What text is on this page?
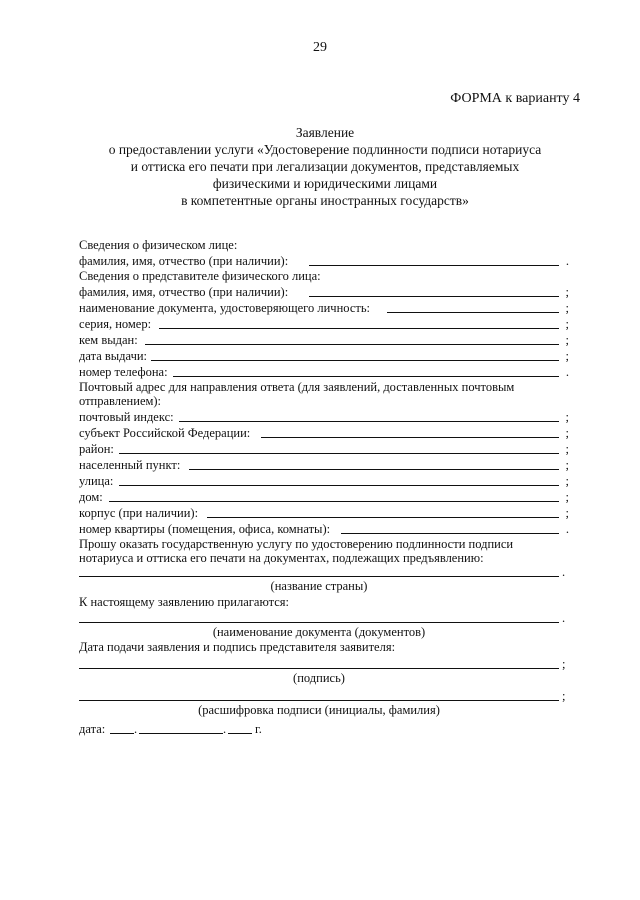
29
ФОРМА к варианту 4
Заявление
о предоставлении услуги «Удостоверение подлинности подписи нотариуса
и оттиска его печати при легализации документов, представляемых
физическими и юридическими лицами
в компетентные органы иностранных государств»
Сведения о физическом лице:
фамилия, имя, отчество (при наличии):	.
Сведения о представителе физического лица:
фамилия, имя, отчество (при наличии):	;
наименование документа, удостоверяющего личность:	;
серия, номер:	;
кем выдан:	;
дата выдачи:	;
номер телефона:	.
Почтовый адрес для направления ответа (для заявлений, доставленных почтовым
отправлением):
почтовый индекс:	;
субъект Российской Федерации:	;
район:	;
населенный пункт:	;
улица:	;
дом:	;
корпус (при наличии):	;
номер квартиры (помещения, офиса, комнаты):	.
Прошу оказать государственную услугу по удостоверению подлинности подписи
нотариуса и оттиска его печати на документах, подлежащих предъявлению:
.
(название страны)
К настоящему заявлению прилагаются:
.
(наименование документа (документов)
Дата подачи заявления и подпись представителя заявителя:
;
(подпись)
;
(расшифровка подписи (инициалы, фамилия)
дата: .	. г.
